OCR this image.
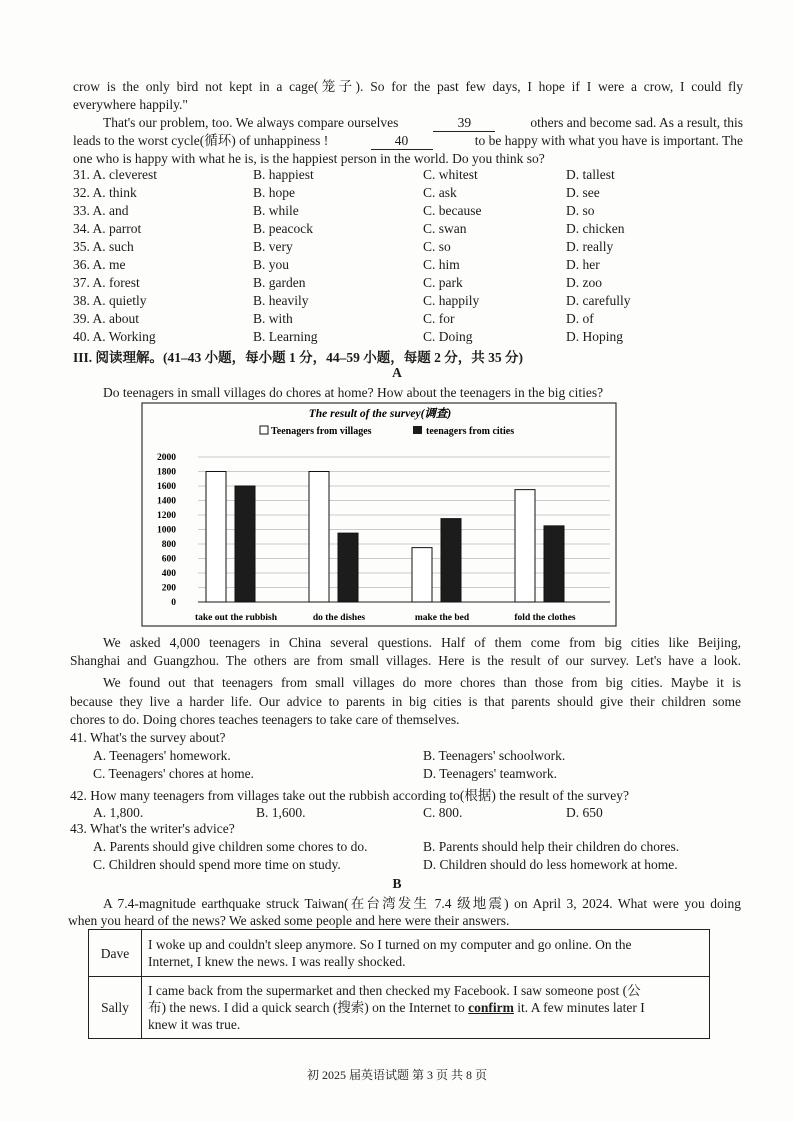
crow is the only bird not kept in a cage(笼子). So for the past few days, I hope if I were a crow, I could fly
everywhere happily."
That's our problem, too. We always compare ourselves	39	others and become sad. As a result, this
leads to the worst cycle(循环) of unhappiness !	40	to be happy with what you have is important. The
one who is happy with what he is, is the happiest person in the world. Do you think so?
31. A. cleverest	B. happiest	C. whitest	D. tallest
32. A. think	B. hope	C. ask	D. see
33. A. and	B. while	C. because	D. so
34. A. parrot	B. peacock	C. swan	D. chicken
35. A. such	B. very	C. so	D. really
36. A. me	B. you	C. him	D. her
37. A. forest	B. garden	C. park	D. zoo
38. A. quietly	B. heavily	C. happily	D. carefully
39. A. about	B. with	C. for	D. of
40. A. Working	B. Learning	C. Doing	D. Hoping
III. 阅读理解。(41–43 小题，每小题 1 分，44–59 小题，每题 2 分，共 35 分)
A
Do teenagers in small villages do chores at home? How about the teenagers in the big cities?
The result of the survey(调查)
Teenagers from villages	teenagers from cities
2000
1800
1600
1400
1200
1000
800
600
400
200
0
take out the rubbish	do the dishes	make the bed	fold the clothes
We asked 4,000 teenagers in China several questions. Half of them come from big cities like Beijing,
Shanghai and Guangzhou. The others are from small villages. Here is the result of our survey. Let's have a look.
We found out that teenagers from small villages do more chores than those from big cities. Maybe it is
because they live a harder life. Our advice to parents in big cities is that parents should give their children some
chores to do. Doing chores teaches teenagers to take care of themselves.
41. What's the survey about?
A. Teenagers' homework.	B. Teenagers' schoolwork.
C. Teenagers' chores at home.	D. Teenagers' teamwork.
42. How many teenagers from villages take out the rubbish according to(根据) the result of the survey?
A. 1,800.	B. 1,600.	C. 800.	D. 650
43. What's the writer's advice?
A. Parents should give children some chores to do.	B. Parents should help their children do chores.
C. Children should spend more time on study.	D. Children should do less homework at home.
B
A 7.4-magnitude earthquake struck Taiwan(在台湾发生 7.4 级地震) on April 3, 2024. What were you doing
when you heard of the news? We asked some people and here were their answers.
Dave	I woke up and couldn't sleep anymore. So I turned on my computer and go online. On the
Internet, I knew the news. I was really shocked.

Sally	I came back from the supermarket and then checked my Facebook. I saw someone post (公
布) the news. I did a quick search (搜索) on the Internet to confirm it. A few minutes later I
knew it was true.
初 2025 届英语试题 第 3 页 共 8 页
